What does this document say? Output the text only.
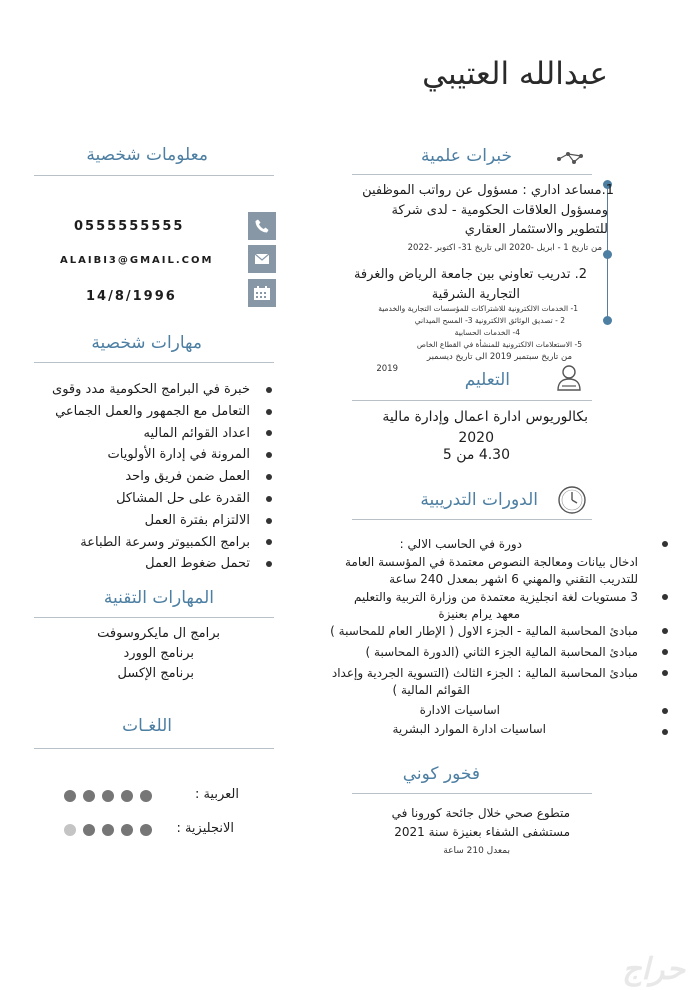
عبدالله العتيبي
خبرات علمية
1.مساعد اداري : مسؤول عن رواتب الموظفين
ومسؤول العلاقات الحكومية - لدى شركة
للتطوير والاستثمار العقاري
من تاريخ 1 - ابريل -2020 الى تاريخ 31- اكتوبر -2022
2. تدريب تعاوني بين جامعة الرياض والغرفة
التجارية الشرقية
1- الخدمات الالكترونية للاشتراكات للمؤسسات التجارية والخدمية
2 - تصديق الوثائق الالكترونية 3- المسح الميداني
4- الخدمات الحسابية
5- الاستعلامات الالكترونية للمنشأة في القطاع الخاص
من تاريخ سبتمبر 2019 الى تاريخ ديسمبر
2019
التعليم
بكالوريوس ادارة اعمال وإدارة مالية
2020
4.30 من 5
الدورات التدريبية
دورة في الحاسب الالي :
ادخال بيانات ومعالجة النصوص معتمدة في المؤسسة العامة
للتدريب التقني والمهني 6 اشهر بمعدل 240 ساعة
3 مستويات لغة انجليزية معتمدة من وزارة التربية والتعليم
معهد يرام بعنيزة
مبادئ المحاسبة المالية - الجزء الاول ( الإطار العام للمحاسبة )
مبادئ المحاسبة المالية الجزء الثاني (الدورة المحاسبة )
مبادئ المحاسبة المالية : الجزء الثالث (التسوية الجردية وإعداد
القوائم المالية )
اساسيات الادارة
اساسيات ادارة الموارد البشرية
فخور كوني
متطوع صحي خلال جائحة كورونا في
مستشفى الشفاء بعنيزة سنة 2021
بمعدل 210 ساعة
معلومات شخصية
0555555555
ALAIBI3@GMAIL.COM
14/8/1996
مهارات شخصية
خبرة في البرامج الحكومية مدد وقوى
التعامل مع الجمهور والعمل الجماعي
اعداد القوائم الماليه
المرونة في إدارة الأولويات
العمل ضمن فريق واحد
القدرة على حل المشاكل
الالتزام بفترة العمل
برامج الكمبيوتر وسرعة الطباعة
تحمل ضغوط العمل
المهارات التقنية
برامج ال مايكروسوفت
برنامج الوورد
برنامج الإكسل
اللغـات
العربية :
الانجليزية :
حراج
